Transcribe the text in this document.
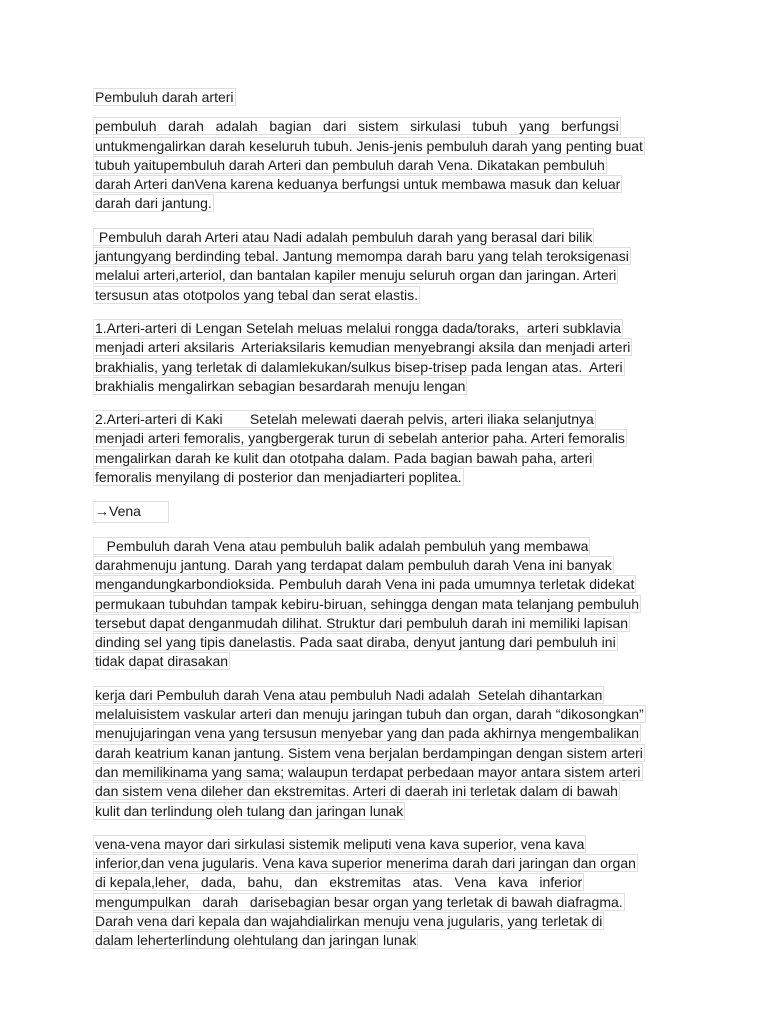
Pembuluh darah arteri
pembuluh   darah   adalah   bagian   dari   sistem   sirkulasi   tubuh   yang   berfungsi
untukmengalirkan darah keseluruh tubuh. Jenis-jenis pembuluh darah yang penting buat
tubuh yaitupembuluh darah Arteri dan pembuluh darah Vena. Dikatakan pembuluh
darah Arteri danVena karena keduanya berfungsi untuk membawa masuk dan keluar
darah dari jantung.
Pembuluh darah Arteri atau Nadi adalah pembuluh darah yang berasal dari bilik
jantungyang berdinding tebal. Jantung memompa darah baru yang telah teroksigenasi
melalui arteri,arteriol, dan bantalan kapiler menuju seluruh organ dan jaringan. Arteri
tersusun atas ototpolos yang tebal dan serat elastis.
1.Arteri-arteri di Lengan Setelah meluas melalui rongga dada/toraks,  arteri subklavia
menjadi arteri aksilaris  Arteriaksilaris kemudian menyebrangi aksila dan menjadi arteri
brakhialis, yang terletak di dalamlekukan/sulkus bisep-trisep pada lengan atas.  Arteri
brakhialis mengalirkan sebagian besardarah menuju lengan
2.Arteri-arteri di Kaki       Setelah melewati daerah pelvis, arteri iliaka selanjutnya
menjadi arteri femoralis, yangbergerak turun di sebelah anterior paha. Arteri femoralis
mengalirkan darah ke kulit dan ototpaha dalam. Pada bagian bawah paha, arteri
femoralis menyilang di posterior dan menjadiarteri poplitea.
→Vena
Pembuluh darah Vena atau pembuluh balik adalah pembuluh yang membawa
darahmenuju jantung. Darah yang terdapat dalam pembuluh darah Vena ini banyak
mengandungkarbondioksida. Pembuluh darah Vena ini pada umumnya terletak didekat
permukaan tubuhdan tampak kebiru-biruan, sehingga dengan mata telanjang pembuluh
tersebut dapat denganmudah dilihat. Struktur dari pembuluh darah ini memiliki lapisan
dinding sel yang tipis danelastis. Pada saat diraba, denyut jantung dari pembuluh ini
tidak dapat dirasakan
kerja dari Pembuluh darah Vena atau pembuluh Nadi adalah  Setelah dihantarkan
melaluisistem vaskular arteri dan menuju jaringan tubuh dan organ, darah “dikosongkan”
menujujaringan vena yang tersusun menyebar yang dan pada akhirnya mengembalikan
darah keatrium kanan jantung. Sistem vena berjalan berdampingan dengan sistem arteri
dan memilikinama yang sama; walaupun terdapat perbedaan mayor antara sistem arteri
dan sistem vena dileher dan ekstremitas. Arteri di daerah ini terletak dalam di bawah
kulit dan terlindung oleh tulang dan jaringan lunak
vena-vena mayor dari sirkulasi sistemik meliputi vena kava superior, vena kava
inferior,dan vena jugularis. Vena kava superior menerima darah dari jaringan dan organ
di kepala,leher,   dada,   bahu,   dan   ekstremitas   atas.   Vena   kava   inferior
mengumpulkan   darah   darisebagian besar organ yang terletak di bawah diafragma.
Darah vena dari kepala dan wajahdialirkan menuju vena jugularis, yang terletak di
dalam leherterlindung olehtulang dan jaringan lunak
